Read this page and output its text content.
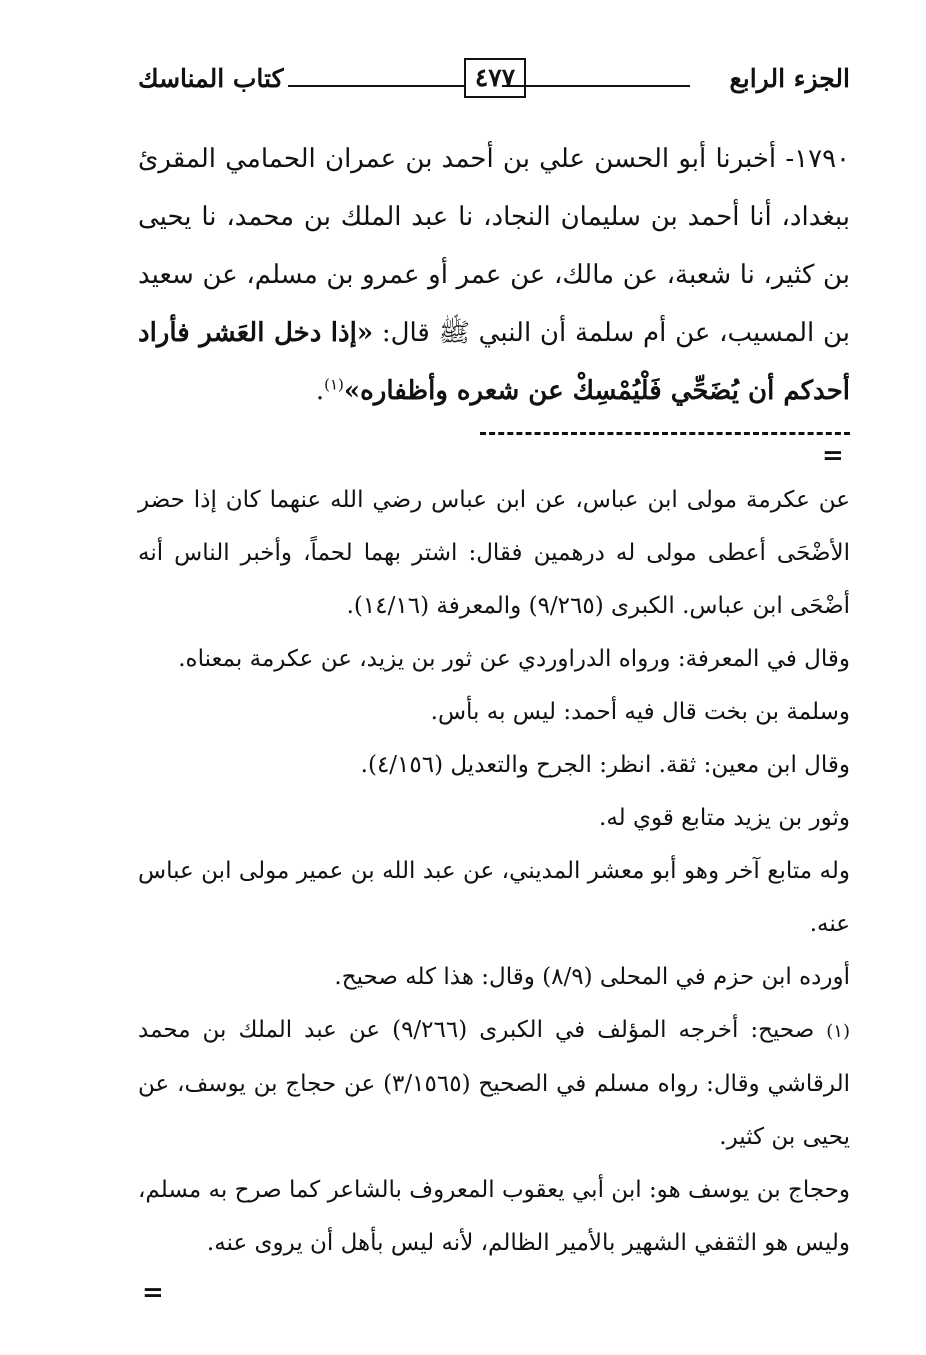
الجزء الرابع
٤٧٧
كتاب المناسك
١٧٩٠- أخبرنا أبو الحسن علي بن أحمد بن عمران الحمامي المقرئ ببغداد، أنا أحمد بن سليمان النجاد، نا عبد الملك بن محمد، نا يحيى بن كثير، نا شعبة، عن مالك، عن عمر أو عمرو بن مسلم، عن سعيد بن المسيب، عن أم سلمة أن النبي ﷺ قال: «إذا دخل العَشر فأراد أحدكم أن يُضَحِّي فَلْيُمْسِكْ عن شعره وأظفاره»$^{(١)}$.
=

عن عكرمة مولى ابن عباس، عن ابن عباس رضي الله عنهما كان إذا حضر الأضْحَى أعطى مولى له درهمين فقال: اشتر بهما لحماً، وأخبر الناس أنه أضْحَى ابن عباس. الكبرى (٩/٢٦٥) والمعرفة (١٤/١٦).

وقال في المعرفة: ورواه الدراوردي عن ثور بن يزيد، عن عكرمة بمعناه.

وسلمة بن بخت قال فيه أحمد: ليس به بأس.

وقال ابن معين: ثقة. انظر: الجرح والتعديل (٤/١٥٦).

وثور بن يزيد متابع قوي له.

وله متابع آخر وهو أبو معشر المديني، عن عبد الله بن عمير مولى ابن عباس عنه.

أورده ابن حزم في المحلى (٨/٩) وقال: هذا كله صحيح.

(١) صحيح: أخرجه المؤلف في الكبرى (٩/٢٦٦) عن عبد الملك بن محمد الرقاشي وقال: رواه مسلم في الصحيح (٣/١٥٦٥) عن حجاج بن يوسف، عن يحيى بن كثير.

وحجاج بن يوسف هو: ابن أبي يعقوب المعروف بالشاعر كما صرح به مسلم، وليس هو الثقفي الشهير بالأمير الظالم، لأنه ليس بأهل أن يروى عنه.

=
